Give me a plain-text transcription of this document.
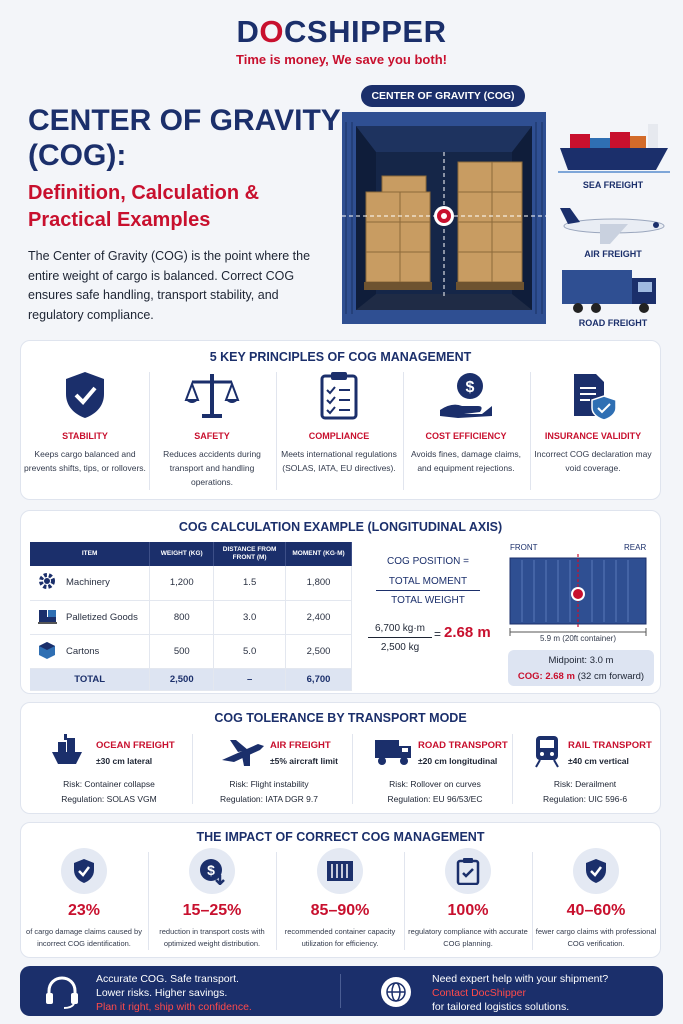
DOCSHIPPER
Time is money, We save you both!
CENTER OF GRAVITY (COG):
Definition, Calculation & Practical Examples
The Center of Gravity (COG) is the point where the entire weight of cargo is balanced. Correct COG ensures safe handling, transport stability, and regulatory compliance.
CENTER OF GRAVITY (COG)
SEA FREIGHT
AIR FREIGHT
ROAD FREIGHT
5 KEY PRINCIPLES OF COG MANAGEMENT
STABILITY
Keeps cargo balanced and prevents shifts, tips, or rollovers.
SAFETY
Reduces accidents during transport and handling operations.
COMPLIANCE
Meets international regulations (SOLAS, IATA, EU directives).
$
COST EFFICIENCY
Avoids fines, damage claims, and equipment rejections.
INSURANCE VALIDITY
Incorrect COG declaration may void coverage.
COG CALCULATION EXAMPLE (LONGITUDINAL AXIS)
ITEM	WEIGHT (KG)	DISTANCE FROM FRONT (M)	MOMENT (KG·M)
Machinery	1,200	1.5	1,800
Palletized Goods	800	3.0	2,400
Cartons	500	5.0	2,500
TOTAL	2,500	–	6,700
COG POSITION =
TOTAL MOMENT
TOTAL WEIGHT
6,700 kg·m
2,500 kg
= 2.68 m
FRONT	REAR
5.9 m (20ft container)
Midpoint: 3.0 m
COG: 2.68 m (32 cm forward)
COG TOLERANCE BY TRANSPORT MODE
OCEAN FREIGHT
±30 cm lateral
Risk: Container collapse
Regulation: SOLAS VGM
AIR FREIGHT
±5% aircraft limit
Risk: Flight instability
Regulation: IATA DGR 9.7
ROAD TRANSPORT
±20 cm longitudinal
Risk: Rollover on curves
Regulation: EU 96/53/EC
RAIL TRANSPORT
±40 cm vertical
Risk: Derailment
Regulation: UIC 596-6
THE IMPACT OF CORRECT COG MANAGEMENT
23%
of cargo damage claims caused by incorrect COG identification.
$
15–25%
reduction in transport costs with optimized weight distribution.
85–90%
recommended container capacity utilization for efficiency.
100%
regulatory compliance with accurate COG planning.
40–60%
fewer cargo claims with professional COG verification.
Accurate COG. Safe transport.
Lower risks. Higher savings.
Plan it right, ship with confidence.
Need expert help with your shipment?
Contact DocShipper
for tailored logistics solutions.
